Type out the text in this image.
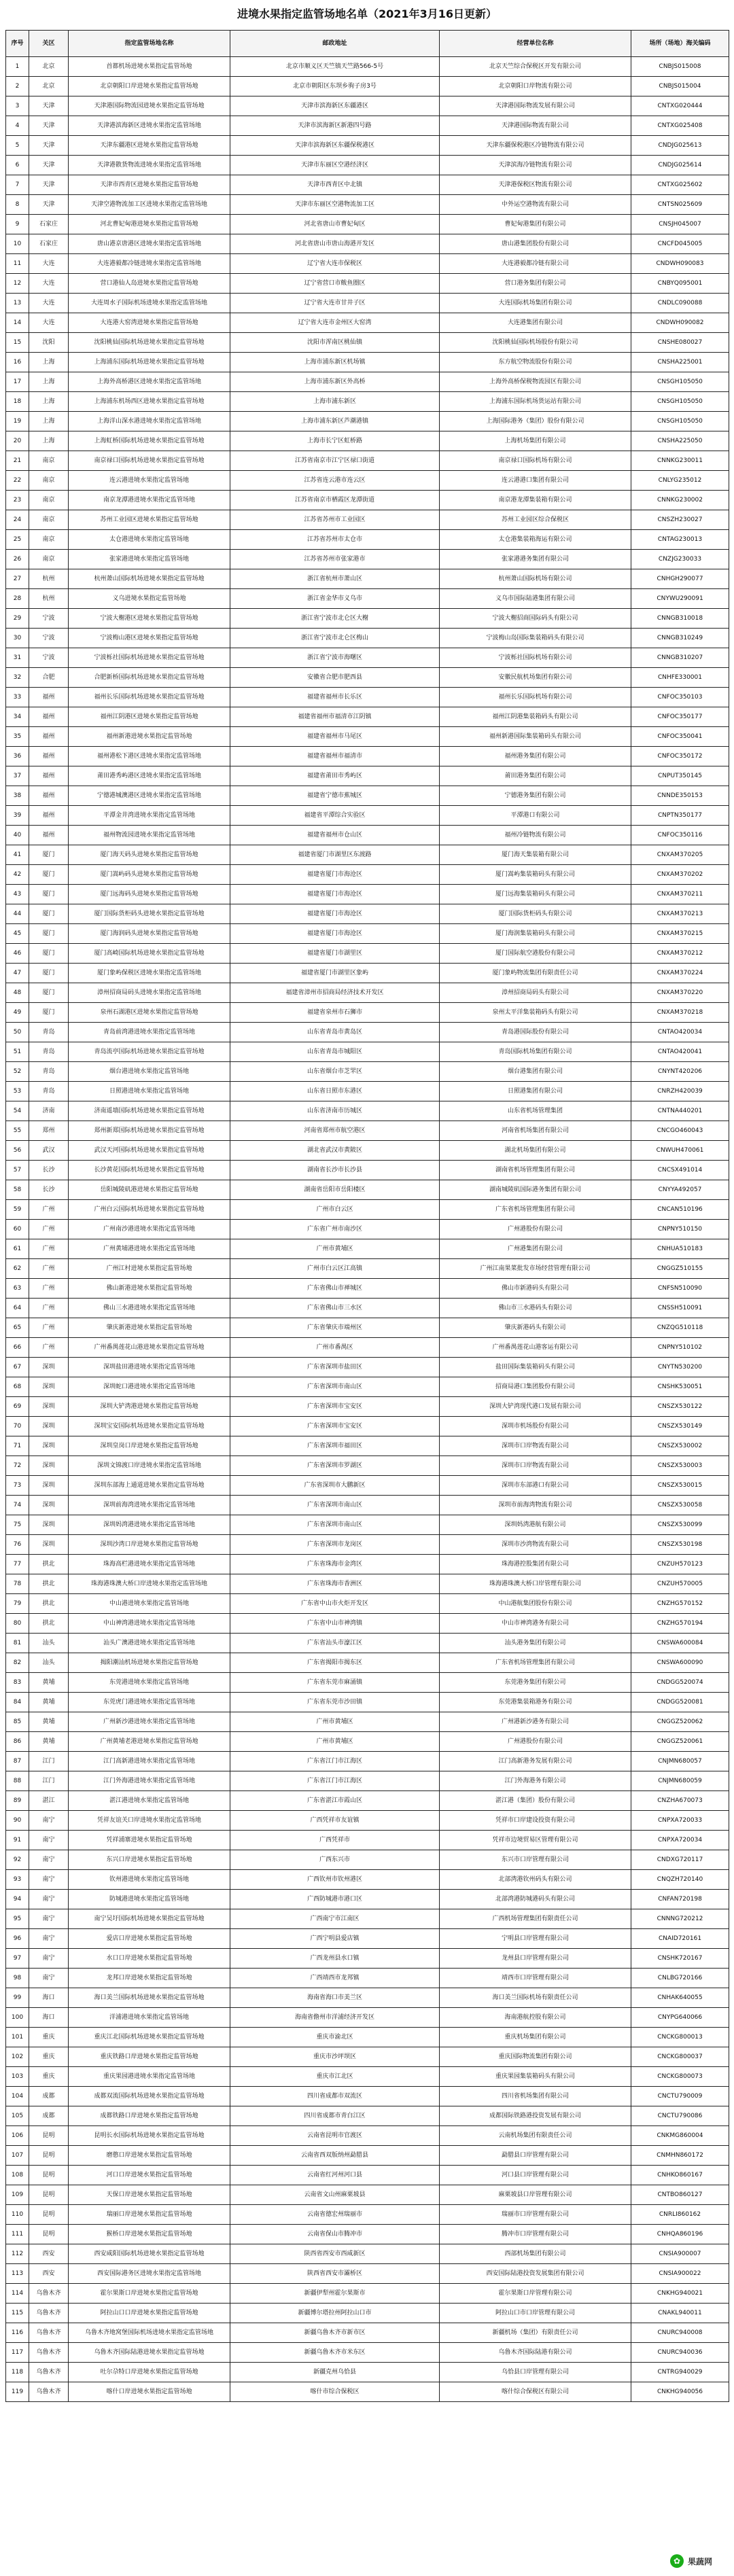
进境水果指定监管场地名单（2021年3月16日更新）
序号	关区	指定监管场地名称	邮政地址	经营单位名称	场所（场地）海关编码
1	北京	首都机场进境水果指定监管场地	北京市顺义区天竺镇天竺路566-5号	北京天竺综合保税区开发有限公司	CNBJS015008
2	北京	北京朝阳口岸进境水果指定监管场地	北京市朝阳区东坝乡驹子房3号	北京朝阳口岸物流有限公司	CNBJS015004
3	天津	天津港国际物流园进境水果指定监管场地	天津市滨海新区东疆港区	天津港国际物流发展有限公司	CNTXG020444
4	天津	天津港滨海新区进境水果指定监管场地	天津市滨海新区新港四号路	天津港国际物流有限公司	CNTXG025408
5	天津	天津东疆港区进境水果指定监管场地	天津市滨海新区东疆保税港区	天津东疆保税港区冷链物流有限公司	CNDJG025613
6	天津	天津港散货物流进境水果指定监管场地	天津市东丽区空港经济区	天津滨海冷链物流有限公司	CNDJG025614
7	天津	天津市西青区进境水果指定监管场地	天津市西青区中北镇	天津港保税区物流有限公司	CNTXG025602
8	天津	天津空港物流加工区进境水果指定监管场地	天津市东丽区空港物流加工区	中外运空港物流有限公司	CNTSN025609
9	石家庄	河北曹妃甸港进境水果指定监管场地	河北省唐山市曹妃甸区	曹妃甸港集团有限公司	CNSJH045007
10	石家庄	唐山港京唐港区进境水果指定监管场地	河北省唐山市唐山海港开发区	唐山港集团股份有限公司	CNCFD045005
11	大连	大连港毅都冷链进境水果指定监管场地	辽宁省大连市保税区	大连港毅都冷链有限公司	CNDWH090083
12	大连	营口港仙人岛进境水果指定监管场地	辽宁省营口市鲅鱼圈区	营口港务集团有限公司	CNBYQ095001
13	大连	大连周水子国际机场进境水果指定监管场地	辽宁省大连市甘井子区	大连国际机场集团有限公司	CNDLC090088
14	大连	大连港大窑湾进境水果指定监管场地	辽宁省大连市金州区大窑湾	大连港集团有限公司	CNDWH090082
15	沈阳	沈阳桃仙国际机场进境水果指定监管场地	沈阳市浑南区桃仙镇	沈阳桃仙国际机场股份有限公司	CNSHE080027
16	上海	上海浦东国际机场进境水果指定监管场地	上海市浦东新区机场镇	东方航空物流股份有限公司	CNSHA225001
17	上海	上海外高桥港区进境水果指定监管场地	上海市浦东新区外高桥	上海外高桥保税物流园区有限公司	CNSGH105050
18	上海	上海浦东机场西区进境水果指定监管场地	上海市浦东新区	上海浦东国际机场货运站有限公司	CNSGH105050
19	上海	上海洋山深水港进境水果指定监管场地	上海市浦东新区芦潮港镇	上海国际港务（集团）股份有限公司	CNSGH105050
20	上海	上海虹桥国际机场进境水果指定监管场地	上海市长宁区虹桥路	上海机场集团有限公司	CNSHA225050
21	南京	南京禄口国际机场进境水果指定监管场地	江苏省南京市江宁区禄口街道	南京禄口国际机场有限公司	CNNKG230011
22	南京	连云港进境水果指定监管场地	江苏省连云港市连云区	连云港港口集团有限公司	CNLYG235012
23	南京	南京龙潭港进境水果指定监管场地	江苏省南京市栖霞区龙潭街道	南京港龙潭集装箱有限公司	CNNKG230002
24	南京	苏州工业园区进境水果指定监管场地	江苏省苏州市工业园区	苏州工业园区综合保税区	CNSZH230027
25	南京	太仓港进境水果指定监管场地	江苏省苏州市太仓市	太仓港集装箱海运有限公司	CNTAG230013
26	南京	张家港进境水果指定监管场地	江苏省苏州市张家港市	张家港港务集团有限公司	CNZJG230033
27	杭州	杭州萧山国际机场进境水果指定监管场地	浙江省杭州市萧山区	杭州萧山国际机场有限公司	CNHGH290077
28	杭州	义乌进境水果指定监管场地	浙江省金华市义乌市	义乌市国际陆港集团有限公司	CNYWU290091
29	宁波	宁波大榭港区进境水果指定监管场地	浙江省宁波市北仑区大榭	宁波大榭招商国际码头有限公司	CNNGB310018
30	宁波	宁波梅山港区进境水果指定监管场地	浙江省宁波市北仑区梅山	宁波梅山岛国际集装箱码头有限公司	CNNGB310249
31	宁波	宁波栎社国际机场进境水果指定监管场地	浙江省宁波市海曙区	宁波栎社国际机场有限公司	CNNGB310207
32	合肥	合肥新桥国际机场进境水果指定监管场地	安徽省合肥市肥西县	安徽民航机场集团有限公司	CNHFE330001
33	福州	福州长乐国际机场进境水果指定监管场地	福建省福州市长乐区	福州长乐国际机场有限公司	CNFOC350103
34	福州	福州江阴港区进境水果指定监管场地	福建省福州市福清市江阴镇	福州江阴港集装箱码头有限公司	CNFOC350177
35	福州	福州新港进境水果指定监管场地	福建省福州市马尾区	福州新港国际集装箱码头有限公司	CNFOC350041
36	福州	福州港松下港区进境水果指定监管场地	福建省福州市福清市	福州港务集团有限公司	CNFOC350172
37	福州	莆田港秀屿港区进境水果指定监管场地	福建省莆田市秀屿区	莆田港务集团有限公司	CNPUT350145
38	福州	宁德港城澳港区进境水果指定监管场地	福建省宁德市蕉城区	宁德港务集团有限公司	CNNDE350153
39	福州	平潭金井湾进境水果指定监管场地	福建省平潭综合实验区	平潭港口有限公司	CNPTN350177
40	福州	福州物流园进境水果指定监管场地	福建省福州市仓山区	福州冷链物流有限公司	CNFOC350116
41	厦门	厦门海天码头进境水果指定监管场地	福建省厦门市湖里区东渡路	厦门海天集装箱有限公司	CNXAM370205
42	厦门	厦门嵩屿码头进境水果指定监管场地	福建省厦门市海沧区	厦门嵩屿集装箱码头有限公司	CNXAM370202
43	厦门	厦门远海码头进境水果指定监管场地	福建省厦门市海沧区	厦门远海集装箱码头有限公司	CNXAM370211
44	厦门	厦门国际货柜码头进境水果指定监管场地	福建省厦门市海沧区	厦门国际货柜码头有限公司	CNXAM370213
45	厦门	厦门海润码头进境水果指定监管场地	福建省厦门市海沧区	厦门海润集装箱码头有限公司	CNXAM370215
46	厦门	厦门高崎国际机场进境水果指定监管场地	福建省厦门市湖里区	厦门国际航空港股份有限公司	CNXAM370212
47	厦门	厦门象屿保税区进境水果指定监管场地	福建省厦门市湖里区象屿	厦门象屿物流集团有限责任公司	CNXAM370224
48	厦门	漳州招商局码头进境水果指定监管场地	福建省漳州市招商局经济技术开发区	漳州招商局码头有限公司	CNXAM370220
49	厦门	泉州石湖港区进境水果指定监管场地	福建省泉州市石狮市	泉州太平洋集装箱码头有限公司	CNXAM370218
50	青岛	青岛前湾港进境水果指定监管场地	山东省青岛市黄岛区	青岛港国际股份有限公司	CNTAO420034
51	青岛	青岛流亭国际机场进境水果指定监管场地	山东省青岛市城阳区	青岛国际机场集团有限公司	CNTAO420041
52	青岛	烟台港进境水果指定监管场地	山东省烟台市芝罘区	烟台港集团有限公司	CNYNT420206
53	青岛	日照港进境水果指定监管场地	山东省日照市东港区	日照港集团有限公司	CNRZH420039
54	济南	济南遥墙国际机场进境水果指定监管场地	山东省济南市历城区	山东省机场管理集团	CNTNA440201
55	郑州	郑州新郑国际机场进境水果指定监管场地	河南省郑州市航空港区	河南省机场集团有限公司	CNCGO460043
56	武汉	武汉天河国际机场进境水果指定监管场地	湖北省武汉市黄陂区	湖北机场集团有限公司	CNWUH470061
57	长沙	长沙黄花国际机场进境水果指定监管场地	湖南省长沙市长沙县	湖南省机场管理集团有限公司	CNCSX491014
58	长沙	岳阳城陵矶港进境水果指定监管场地	湖南省岳阳市岳阳楼区	湖南城陵矶国际港务集团有限公司	CNYYA492057
59	广州	广州白云国际机场进境水果指定监管场地	广州市白云区	广东省机场管理集团有限公司	CNCAN510196
60	广州	广州南沙港进境水果指定监管场地	广东省广州市南沙区	广州港股份有限公司	CNPNY510150
61	广州	广州黄埔港进境水果指定监管场地	广州市黄埔区	广州港集团有限公司	CNHUA510183
62	广州	广州江村进境水果指定监管场地	广州市白云区江高镇	广州江南果菜批发市场经营管理有限公司	CNGGZ510155
63	广州	佛山新港进境水果指定监管场地	广东省佛山市禅城区	佛山市新港码头有限公司	CNFSN510090
64	广州	佛山三水港进境水果指定监管场地	广东省佛山市三水区	佛山市三水港码头有限公司	CNSSH510091
65	广州	肇庆新港进境水果指定监管场地	广东省肇庆市端州区	肇庆新港码头有限公司	CNZQG510118
66	广州	广州番禺莲花山港进境水果指定监管场地	广州市番禺区	广州番禺莲花山港客运有限公司	CNPNY510102
67	深圳	深圳盐田港进境水果指定监管场地	广东省深圳市盐田区	盐田国际集装箱码头有限公司	CNYTN530200
68	深圳	深圳蛇口港进境水果指定监管场地	广东省深圳市南山区	招商局港口集团股份有限公司	CNSHK530051
69	深圳	深圳大铲湾港进境水果指定监管场地	广东省深圳市宝安区	深圳大铲湾现代港口发展有限公司	CNSZX530122
70	深圳	深圳宝安国际机场进境水果指定监管场地	广东省深圳市宝安区	深圳市机场股份有限公司	CNSZX530149
71	深圳	深圳皇岗口岸进境水果指定监管场地	广东省深圳市福田区	深圳市口岸物流有限公司	CNSZX530002
72	深圳	深圳文锦渡口岸进境水果指定监管场地	广东省深圳市罗湖区	深圳市口岸物流有限公司	CNSZX530003
73	深圳	深圳东部海上通道进境水果指定监管场地	广东省深圳市大鹏新区	深圳市东部港口有限公司	CNSZX530015
74	深圳	深圳前海湾进境水果指定监管场地	广东省深圳市南山区	深圳市前海湾物流有限公司	CNSZX530058
75	深圳	深圳妈湾港进境水果指定监管场地	广东省深圳市南山区	深圳妈湾港航有限公司	CNSZX530099
76	深圳	深圳沙湾口岸进境水果指定监管场地	广东省深圳市龙岗区	深圳市沙湾物流有限公司	CNSZX530198
77	拱北	珠海高栏港进境水果指定监管场地	广东省珠海市金湾区	珠海港控股集团有限公司	CNZUH570123
78	拱北	珠海港珠澳大桥口岸进境水果指定监管场地	广东省珠海市香洲区	珠海港珠澳大桥口岸管理有限公司	CNZUH570005
79	拱北	中山港进境水果指定监管场地	广东省中山市火炬开发区	中山港航集团股份有限公司	CNZHG570152
80	拱北	中山神湾港进境水果指定监管场地	广东省中山市神湾镇	中山市神湾港务有限公司	CNZHG570194
81	汕头	汕头广澳港进境水果指定监管场地	广东省汕头市濠江区	汕头港务集团有限公司	CNSWA600084
82	汕头	揭阳潮汕机场进境水果指定监管场地	广东省揭阳市揭东区	广东省机场管理集团有限公司	CNSWA600090
83	黄埔	东莞港进境水果指定监管场地	广东省东莞市麻涌镇	东莞港务集团有限公司	CNDGG520074
84	黄埔	东莞虎门港进境水果指定监管场地	广东省东莞市沙田镇	东莞港集装箱港务有限公司	CNDGG520081
85	黄埔	广州新沙港进境水果指定监管场地	广州市黄埔区	广州港新沙港务有限公司	CNGGZ520062
86	黄埔	广州黄埔老港进境水果指定监管场地	广州市黄埔区	广州港股份有限公司	CNGGZ520061
87	江门	江门高新港进境水果指定监管场地	广东省江门市江海区	江门高新港务发展有限公司	CNJMN680057
88	江门	江门外海港进境水果指定监管场地	广东省江门市江海区	江门外海港务有限公司	CNJMN680059
89	湛江	湛江港进境水果指定监管场地	广东省湛江市霞山区	湛江港（集团）股份有限公司	CNZHA670073
90	南宁	凭祥友谊关口岸进境水果指定监管场地	广西凭祥市友谊镇	凭祥市口岸建设投资有限公司	CNPXA720033
91	南宁	凭祥浦寨进境水果指定监管场地	广西凭祥市	凭祥市边境贸易区管理有限公司	CNPXA720034
92	南宁	东兴口岸进境水果指定监管场地	广西东兴市	东兴市口岸管理有限公司	CNDXG720117
93	南宁	钦州港进境水果指定监管场地	广西钦州市钦州港区	北部湾港钦州码头有限公司	CNQZH720140
94	南宁	防城港进境水果指定监管场地	广西防城港市港口区	北部湾港防城港码头有限公司	CNFAN720198
95	南宁	南宁吴圩国际机场进境水果指定监管场地	广西南宁市江南区	广西机场管理集团有限责任公司	CNNNG720212
96	南宁	爱店口岸进境水果指定监管场地	广西宁明县爱店镇	宁明县口岸管理有限公司	CNAID720161
97	南宁	水口口岸进境水果指定监管场地	广西龙州县水口镇	龙州县口岸管理有限公司	CNSHK720167
98	南宁	龙邦口岸进境水果指定监管场地	广西靖西市龙邦镇	靖西市口岸管理有限公司	CNLBG720166
99	海口	海口美兰国际机场进境水果指定监管场地	海南省海口市美兰区	海口美兰国际机场有限责任公司	CNHAK640055
100	海口	洋浦港进境水果指定监管场地	海南省儋州市洋浦经济开发区	海南港航控股有限公司	CNYPG640066
101	重庆	重庆江北国际机场进境水果指定监管场地	重庆市渝北区	重庆机场集团有限公司	CNCKG800013
102	重庆	重庆铁路口岸进境水果指定监管场地	重庆市沙坪坝区	重庆国际物流集团有限公司	CNCKG800037
103	重庆	重庆果园港进境水果指定监管场地	重庆市江北区	重庆果园集装箱码头有限公司	CNCKG800073
104	成都	成都双流国际机场进境水果指定监管场地	四川省成都市双流区	四川省机场集团有限公司	CNCTU790009
105	成都	成都铁路口岸进境水果指定监管场地	四川省成都市青白江区	成都国际铁路港投资发展有限公司	CNCTU790086
106	昆明	昆明长水国际机场进境水果指定监管场地	云南省昆明市官渡区	云南机场集团有限责任公司	CNKMG860004
107	昆明	磨憨口岸进境水果指定监管场地	云南省西双版纳州勐腊县	勐腊县口岸管理有限公司	CNMHN860172
108	昆明	河口口岸进境水果指定监管场地	云南省红河州河口县	河口县口岸管理有限公司	CNHKO860167
109	昆明	天保口岸进境水果指定监管场地	云南省文山州麻栗坡县	麻栗坡县口岸管理有限公司	CNTBO860127
110	昆明	瑞丽口岸进境水果指定监管场地	云南省德宏州瑞丽市	瑞丽市口岸管理有限公司	CNRLI860162
111	昆明	猴桥口岸进境水果指定监管场地	云南省保山市腾冲市	腾冲市口岸管理有限公司	CNHQA860196
112	西安	西安咸阳国际机场进境水果指定监管场地	陕西省西安市西咸新区	西部机场集团有限公司	CNSIA900007
113	西安	西安国际港务区进境水果指定监管场地	陕西省西安市灞桥区	西安国际陆港投资发展集团有限公司	CNSIA900022
114	乌鲁木齐	霍尔果斯口岸进境水果指定监管场地	新疆伊犁州霍尔果斯市	霍尔果斯口岸管理有限公司	CNKHG940021
115	乌鲁木齐	阿拉山口口岸进境水果指定监管场地	新疆博尔塔拉州阿拉山口市	阿拉山口市口岸管理有限公司	CNAKL940011
116	乌鲁木齐	乌鲁木齐地窝堡国际机场进境水果指定监管场地	新疆乌鲁木齐市新市区	新疆机场（集团）有限责任公司	CNURC940008
117	乌鲁木齐	乌鲁木齐国际陆港进境水果指定监管场地	新疆乌鲁木齐市米东区	乌鲁木齐国际陆港有限公司	CNURC940036
118	乌鲁木齐	吐尔尕特口岸进境水果指定监管场地	新疆克州乌恰县	乌恰县口岸管理有限公司	CNTRG940029
119	乌鲁木齐	喀什口岸进境水果指定监管场地	喀什市综合保税区	喀什综合保税区有限公司	CNKHG940056
✿ 果蔬网
